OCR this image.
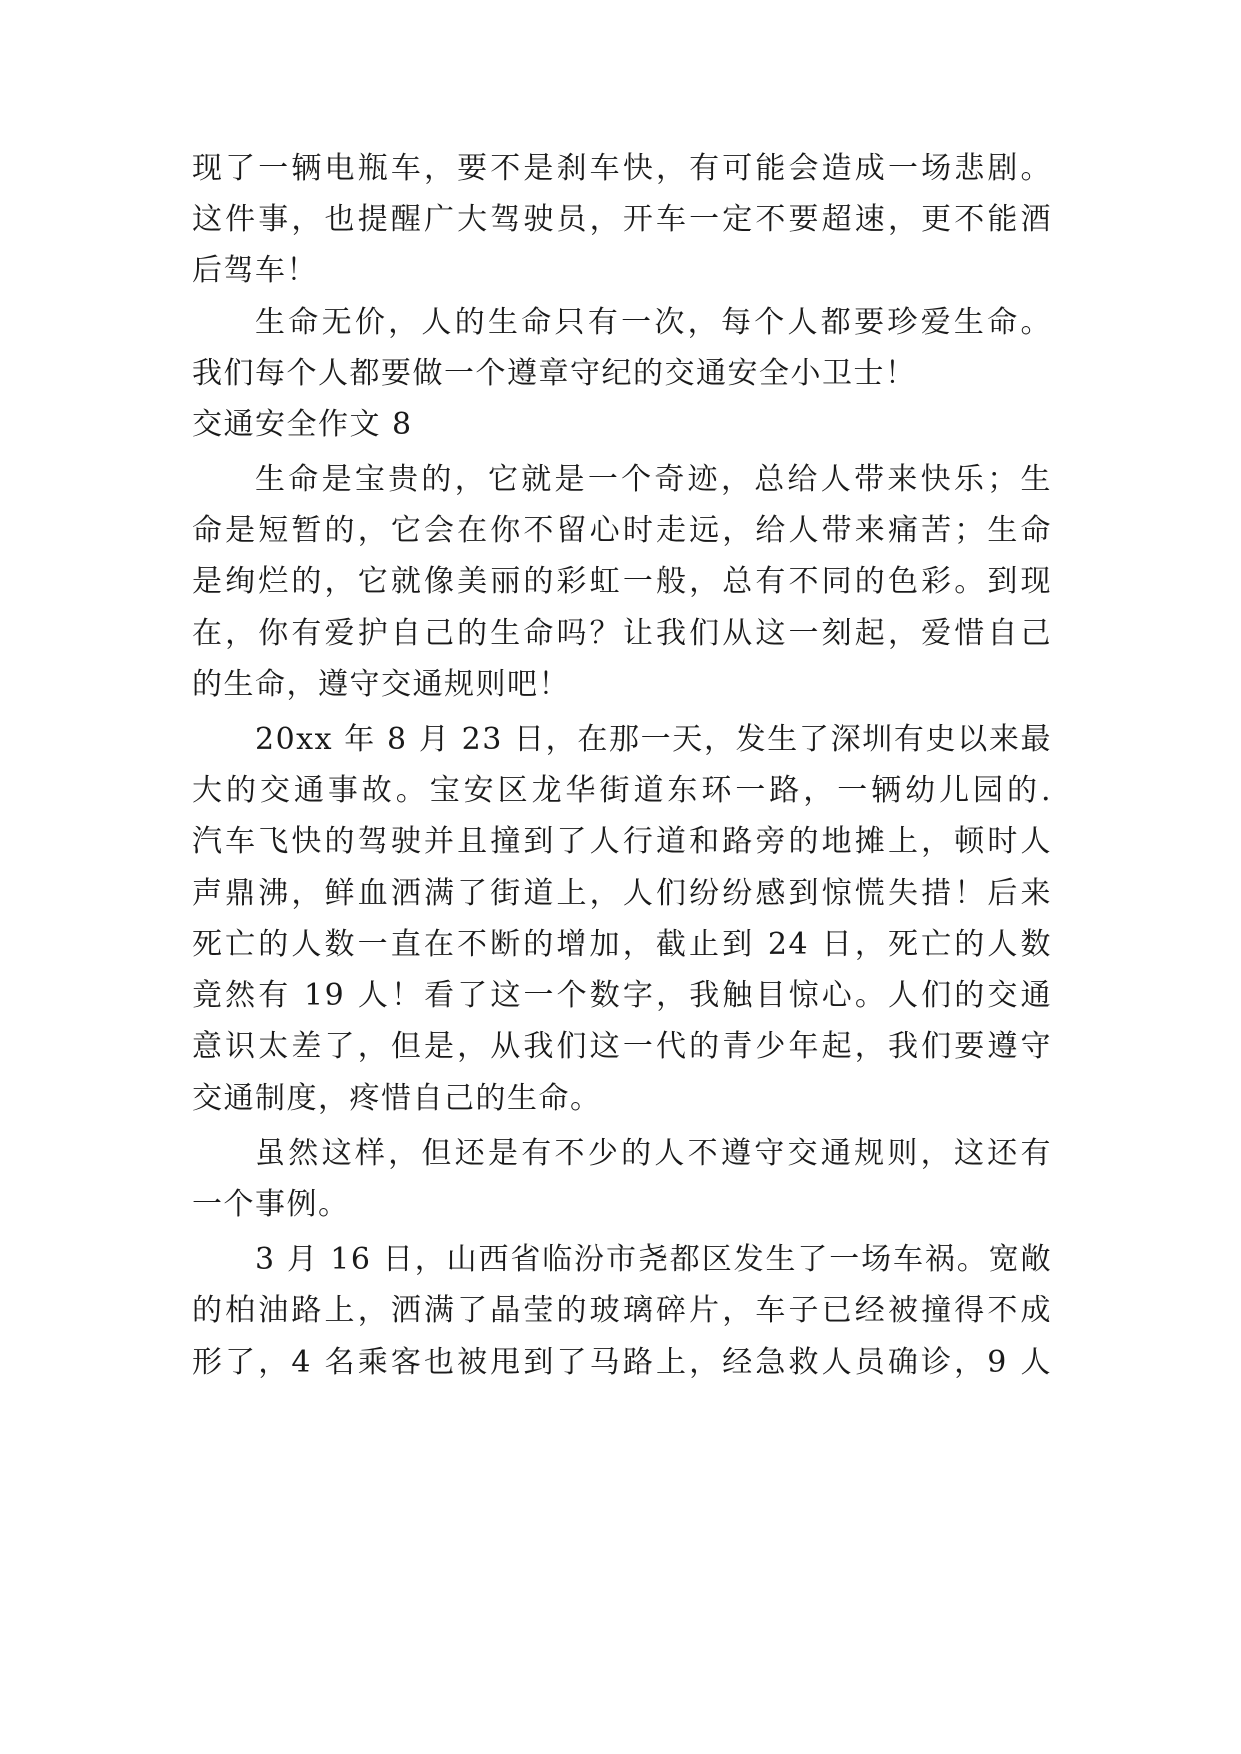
现了一辆电瓶车，要不是刹车快，有可能会造成一场悲剧。
这件事，也提醒广大驾驶员，开车一定不要超速，更不能酒
后驾车！
生命无价，人的生命只有一次，每个人都要珍爱生命。
我们每个人都要做一个遵章守纪的交通安全小卫士！
交通安全作文 8
生命是宝贵的，它就是一个奇迹，总给人带来快乐；生
命是短暂的，它会在你不留心时走远，给人带来痛苦；生命
是绚烂的，它就像美丽的彩虹一般，总有不同的色彩。到现
在，你有爱护自己的生命吗？让我们从这一刻起，爱惜自己
的生命，遵守交通规则吧！
20xx 年 8 月 23 日，在那一天，发生了深圳有史以来最
大的交通事故。宝安区龙华街道东环一路，一辆幼儿园的.
汽车飞快的驾驶并且撞到了人行道和路旁的地摊上，顿时人
声鼎沸，鲜血洒满了街道上，人们纷纷感到惊慌失措！后来
死亡的人数一直在不断的增加，截止到 24 日，死亡的人数
竟然有 19 人！看了这一个数字，我触目惊心。人们的交通
意识太差了，但是，从我们这一代的青少年起，我们要遵守
交通制度，疼惜自己的生命。
虽然这样，但还是有不少的人不遵守交通规则，这还有
一个事例。
3 月 16 日，山西省临汾市尧都区发生了一场车祸。宽敞
的柏油路上，洒满了晶莹的玻璃碎片，车子已经被撞得不成
形了，4 名乘客也被甩到了马路上，经急救人员确诊，9 人
